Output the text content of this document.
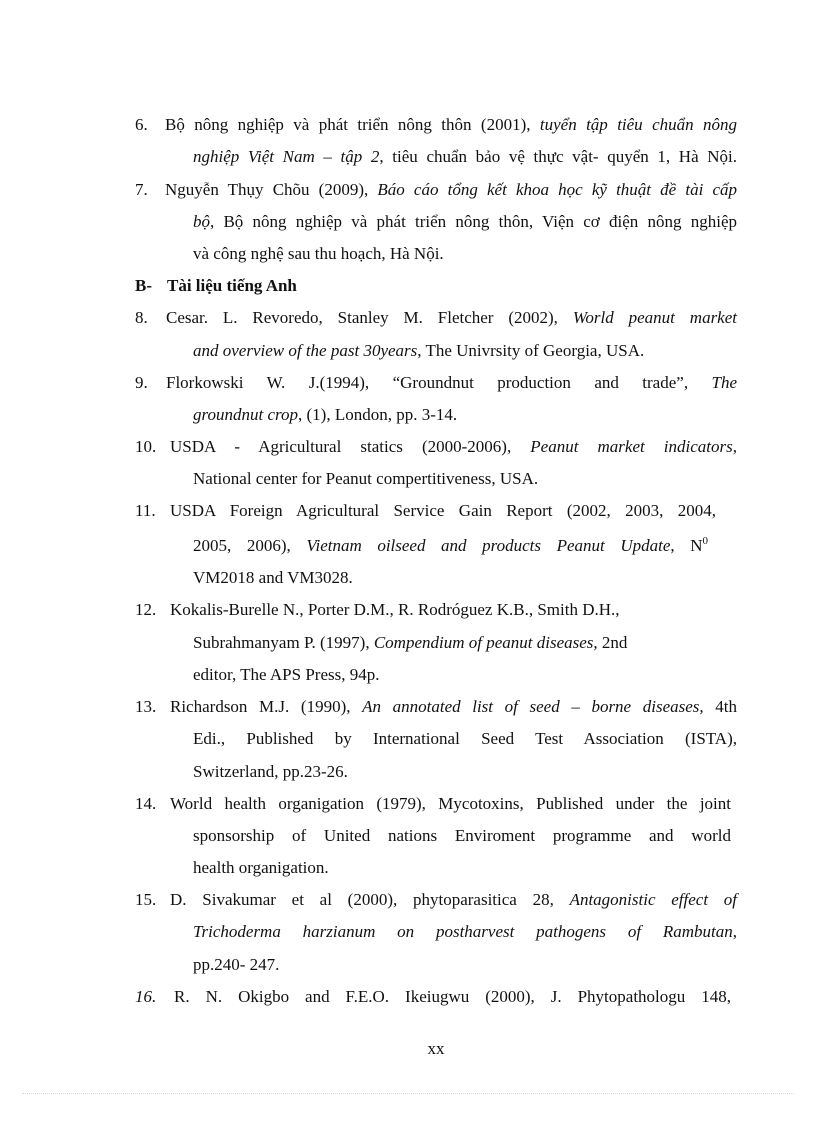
6. Bộ nông nghiệp và phát triển nông thôn (2001), tuyển tập tiêu chuẩn nông
nghiệp Việt Nam – tập 2, tiêu chuẩn bảo vệ thực vật- quyển 1, Hà Nội.
7. Nguyễn Thụy Chõu (2009), Báo cáo tổng kết khoa học kỹ thuật đề tài cấp
bộ, Bộ nông nghiệp và phát triển nông thôn, Viện cơ điện nông nghiệp
và công nghệ sau thu hoạch, Hà Nội.
B- Tài liệu tiếng Anh
8. Cesar. L. Revoredo, Stanley M. Fletcher (2002), World peanut market
and overview of the past 30years, The Univrsity of Georgia, USA.
9. Florkowski W. J.(1994), “Groundnut production and trade”, The
groundnut crop, (1), London, pp. 3-14.
10. USDA - Agricultural statics (2000-2006), Peanut market indicators,
National center for Peanut compertitiveness, USA.
11. USDA Foreign Agricultural Service Gain Report (2002, 2003, 2004,
2005, 2006), Vietnam oilseed and products Peanut Update, $N^0$
VM2018 and VM3028.
12. Kokalis-Burelle N., Porter D.M., R. Rodróguez K.B., Smith D.H.,
Subrahmanyam P. (1997), Compendium of peanut diseases, 2nd
editor, The APS Press, 94p.
13. Richardson M.J. (1990), An annotated list of seed – borne diseases, 4th
Edi., Published by International Seed Test Association (ISTA),
Switzerland, pp.23-26.
14. World health organigation (1979), Mycotoxins, Published under the joint
sponsorship of United nations Enviroment programme and world
health organigation.
15. D. Sivakumar et al (2000), phytoparasitica 28, Antagonistic effect of
Trichoderma harzianum on postharvest pathogens of Rambutan,
pp.240- 247.
16. R. N. Okigbo and F.E.O. Ikeiugwu (2000), J. Phytopathologu 148,
xx
